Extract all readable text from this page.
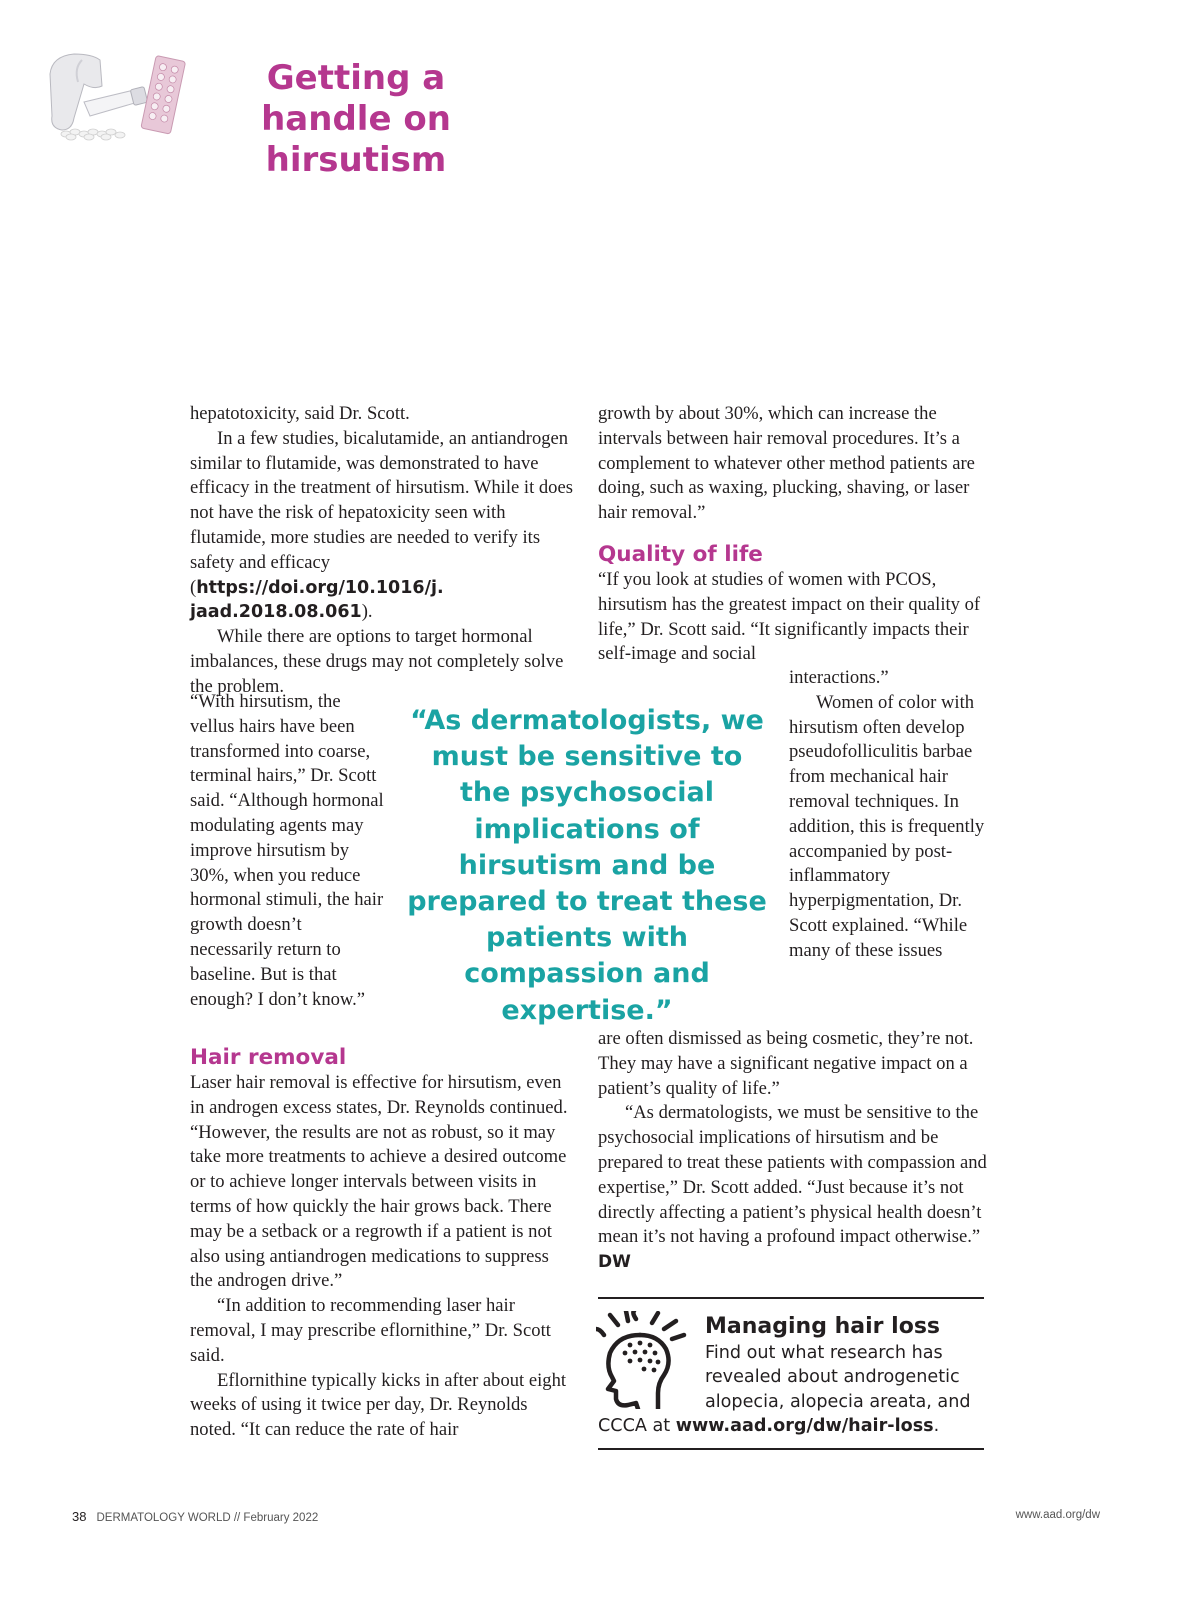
Getting a handle on hirsutism

hepatotoxicity, said Dr. Scott.

In a few studies, bicalutamide, an antiandrogen similar to flutamide, was demonstrated to have efficacy in the treatment of hirsutism. While it does not have the risk of hepatoxicity seen with flutamide, more studies are needed to verify its safety and efficacy (https://doi.org/10.1016/j. jaad.2018.08.061).

While there are options to target hormonal imbalances, these drugs may not completely solve the problem.

“With hirsutism, the vellus hairs have been transformed into coarse, terminal hairs,” Dr. Scott said. “Although hormonal modulating agents may improve hirsutism by 30%, when you reduce hormonal stimuli, the hair growth doesn’t necessarily return to baseline. But is that enough? I don’t know.”

Hair removal

Laser hair removal is effective for hirsutism, even in androgen excess states, Dr. Reynolds continued. “However, the results are not as robust, so it may take more treatments to achieve a desired outcome or to achieve longer intervals between visits in terms of how quickly the hair grows back. There may be a setback or a regrowth if a patient is not also using antiandrogen medications to suppress the androgen drive.”

“In addition to recommending laser hair removal, I may prescribe eflornithine,” Dr. Scott said.

Eflornithine typically kicks in after about eight weeks of using it twice per day, Dr. Reynolds noted. “It can reduce the rate of hair

growth by about 30%, which can increase the intervals between hair removal procedures. It’s a complement to whatever other method patients are doing, such as waxing, plucking, shaving, or laser hair removal.”

Quality of life

“If you look at studies of women with PCOS, hirsutism has the greatest impact on their quality of life,” Dr. Scott said. “It significantly impacts their self-image and social

interactions.”

Women of color with hirsutism often develop pseudofolliculitis barbae from mechanical hair removal techniques. In addition, this is frequently accompanied by post-inflammatory hyperpigmentation, Dr. Scott explained. “While many of these issues

are often dismissed as being cosmetic, they’re not. They may have a significant negative impact on a patient’s quality of life.”

“As dermatologists, we must be sensitive to the psychosocial implications of hirsutism and be prepared to treat these patients with compassion and expertise,” Dr. Scott added. “Just because it’s not directly affecting a patient’s physical health doesn’t mean it’s not having a profound impact otherwise.” DW

“As dermatologists, we must be sensitive to the psychosocial implications of hirsutism and be prepared to treat these patients with compassion and expertise.”

Managing hair loss

Find out what research has revealed about androgenetic alopecia, alopecia areata, and

CCCA at www.aad.org/dw/hair-loss.

38 DERMATOLOGY WORLD // February 2022	www.aad.org/dw
